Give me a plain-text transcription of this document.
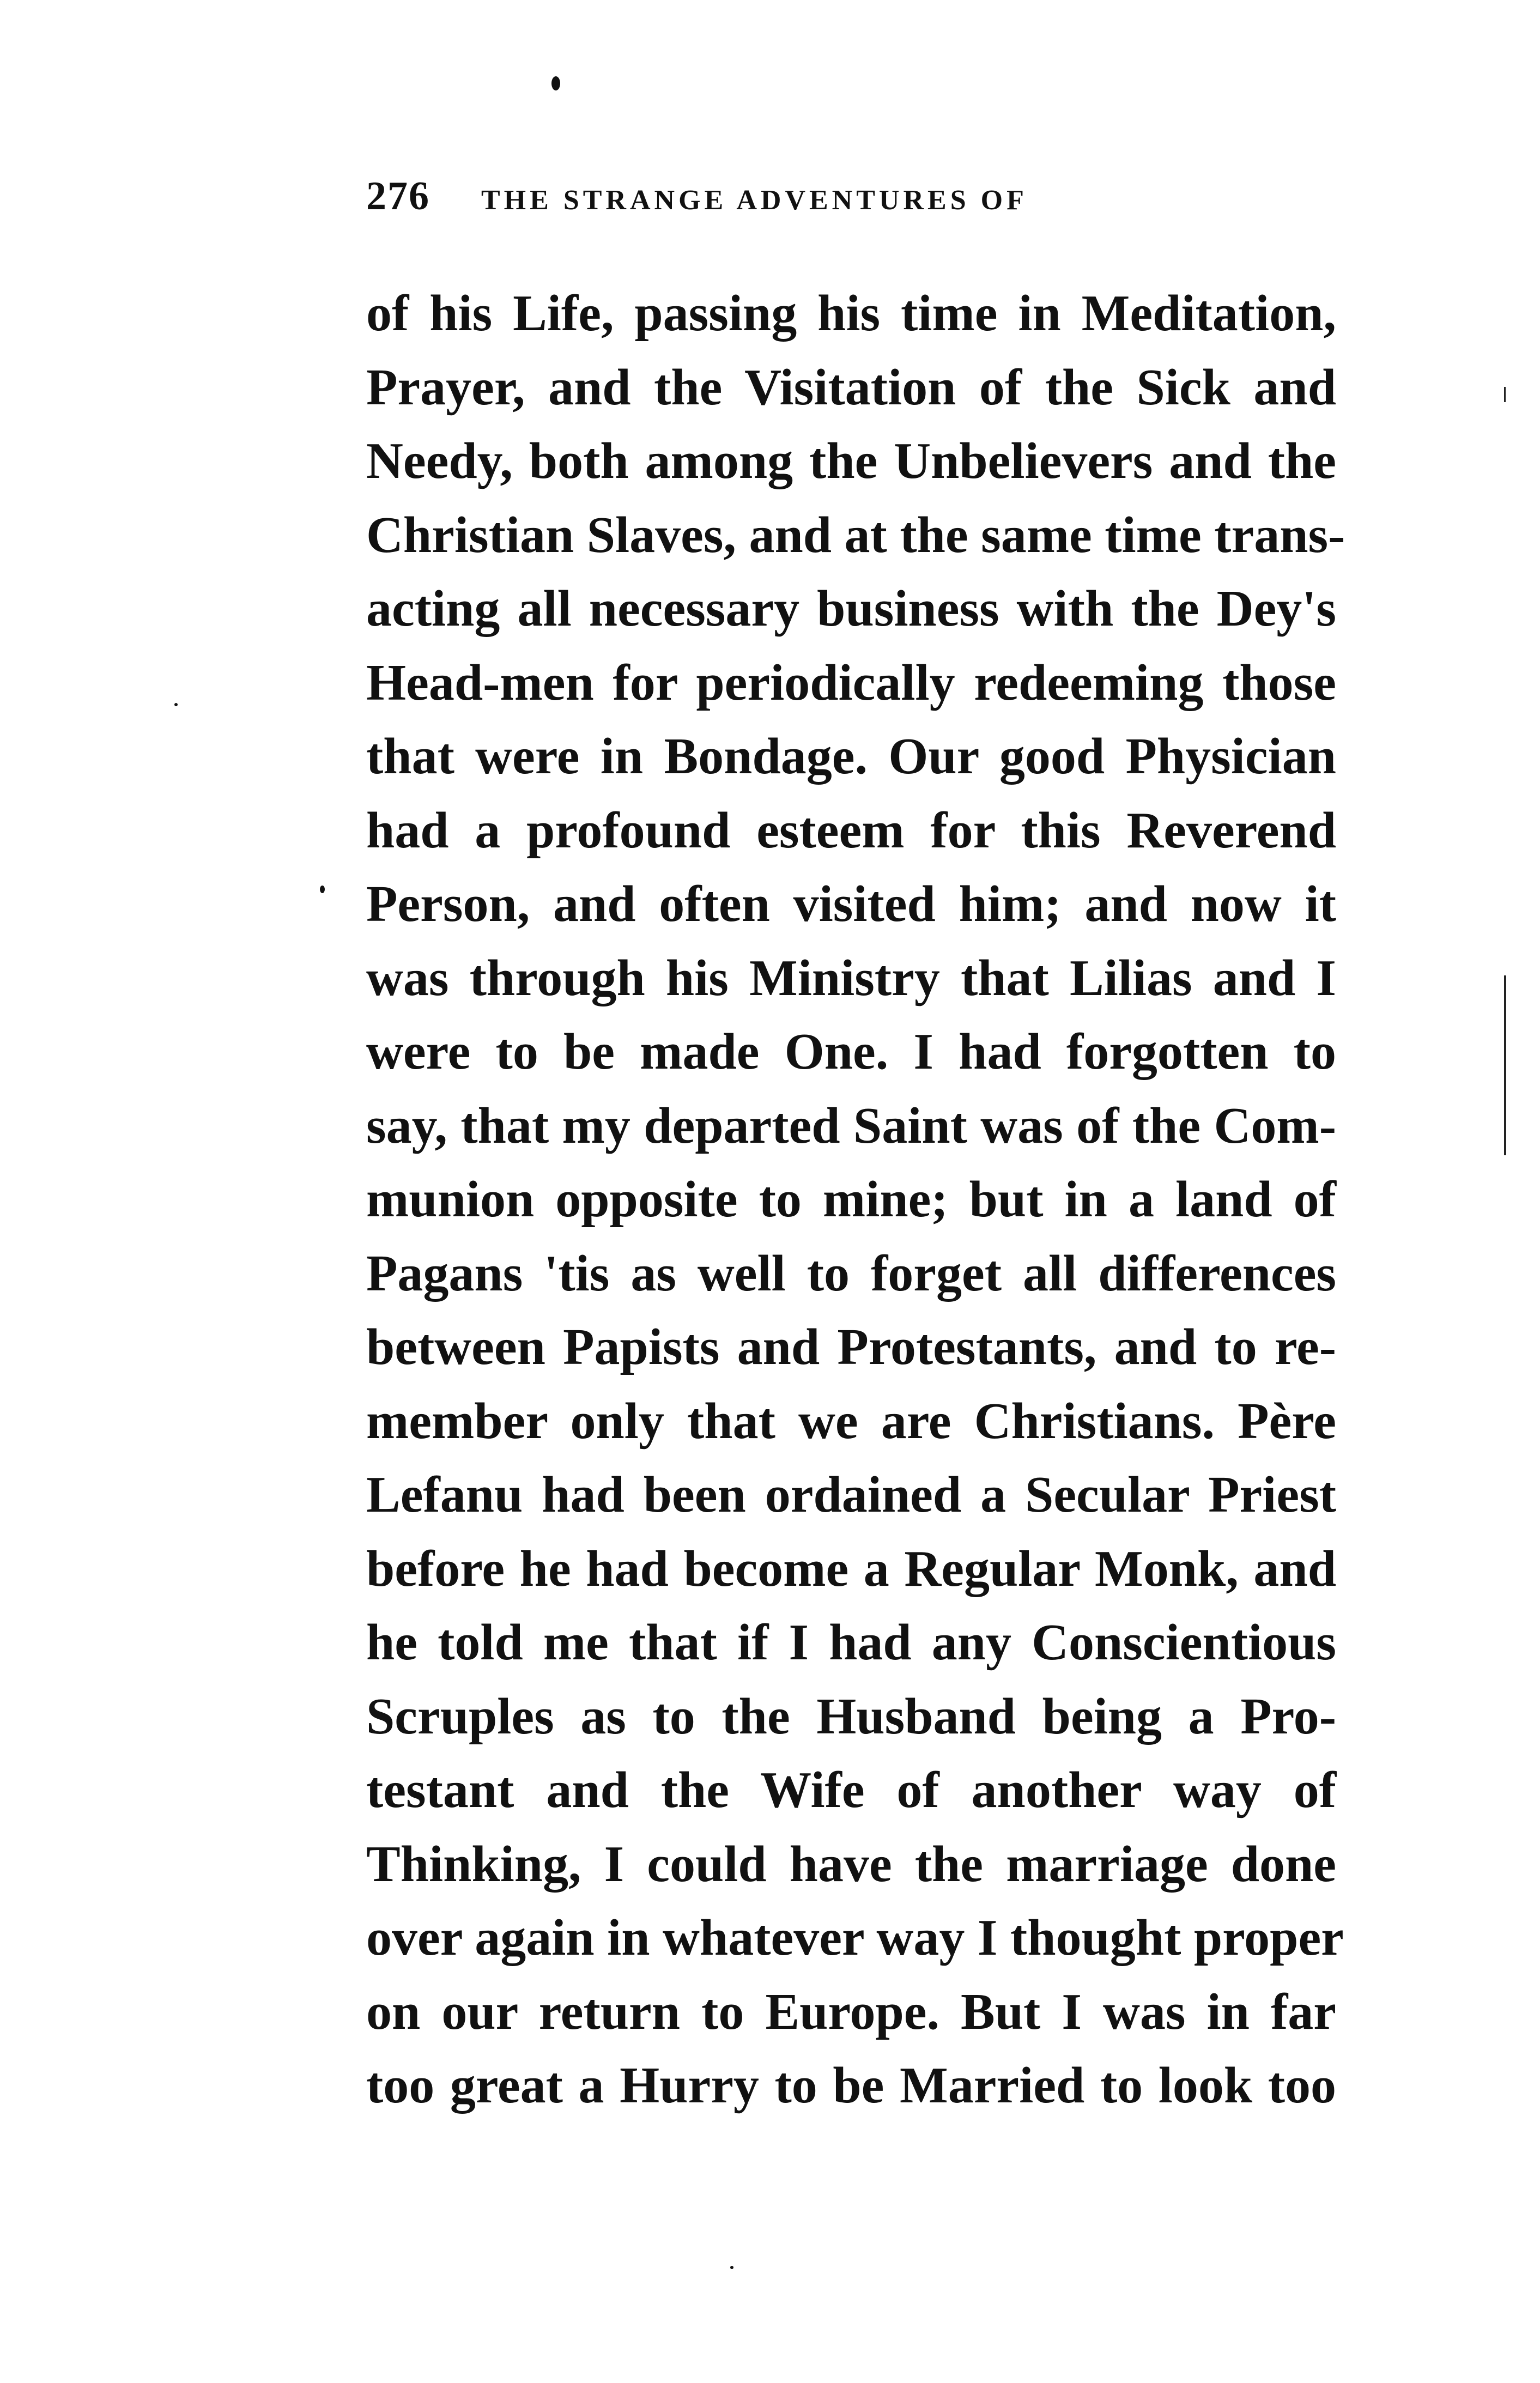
276 THE STRANGE ADVENTURES OF
of his Life, passing his time in Meditation,
Prayer, and the Visitation of the Sick and
Needy, both among the Unbelievers and the
Christian Slaves, and at the same time trans-
acting all necessary business with the Dey's
Head-men for periodically redeeming those
that were in Bondage. Our good Physician
had a profound esteem for this Reverend
Person, and often visited him; and now it
was through his Ministry that Lilias and I
were to be made One. I had forgotten to
say, that my departed Saint was of the Com-
munion opposite to mine; but in a land of
Pagans 'tis as well to forget all differences
between Papists and Protestants, and to re-
member only that we are Christians. Père
Lefanu had been ordained a Secular Priest
before he had become a Regular Monk, and
he told me that if I had any Conscientious
Scruples as to the Husband being a Pro-
testant and the Wife of another way of
Thinking, I could have the marriage done
over again in whatever way I thought proper
on our return to Europe. But I was in far
too great a Hurry to be Married to look too
